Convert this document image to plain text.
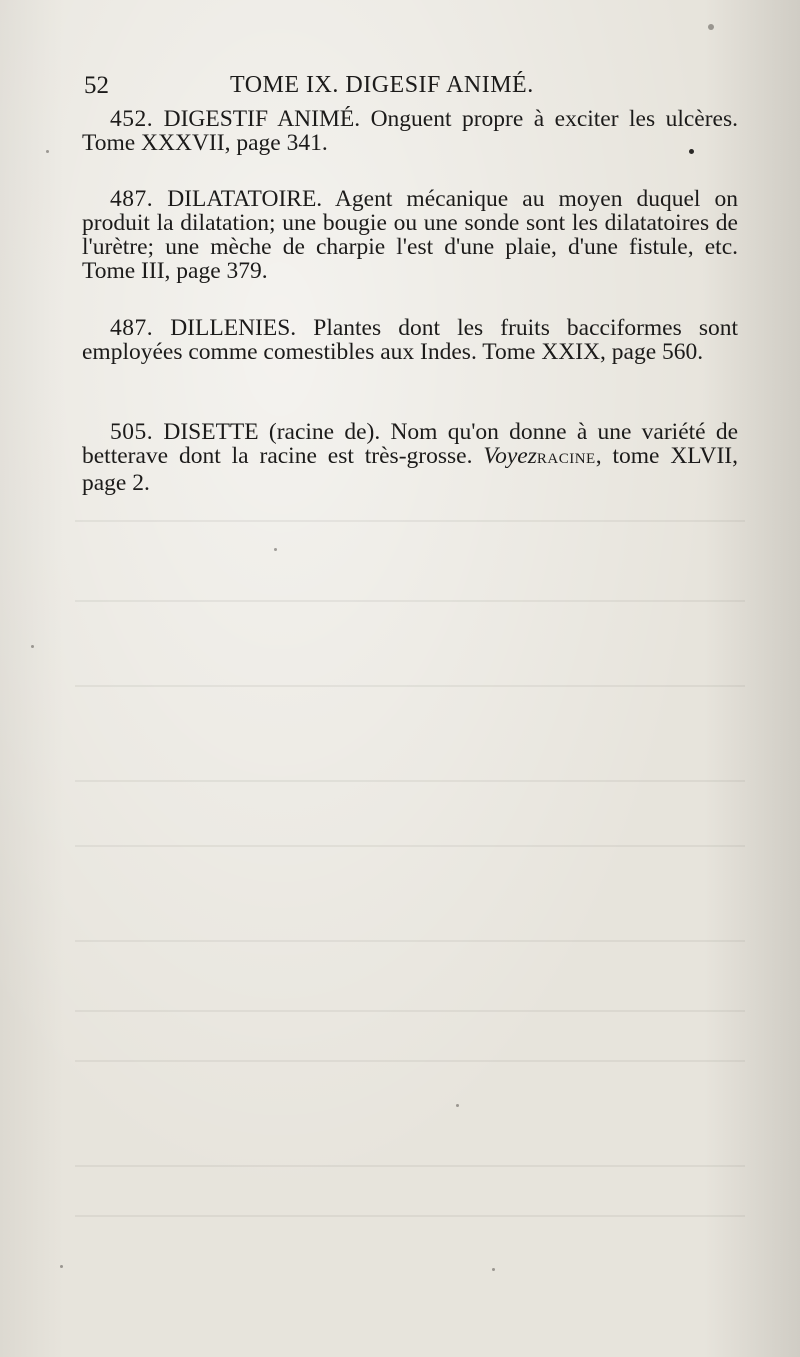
52	TOME IX. DIGESIF ANIMÉ.
452. DIGESTIF ANIMÉ. Onguent propre à exciter les ulcères. Tome XXXVII, page 341.
487. DILATATOIRE. Agent mécanique au moyen duquel on produit la dilatation; une bougie ou une sonde sont les dilatatoires de l'urètre; une mèche de charpie l'est d'une plaie, d'une fistule, etc. Tome III, page 379.
487. DILLENIES. Plantes dont les fruits bacciformes sont employées comme comestibles aux Indes. Tome XXIX, page 560.
505. DISETTE (racine de). Nom qu'on donne à une variété de betterave dont la racine est très-grosse. VoyezRACINE, tome XLVII, page 2.
